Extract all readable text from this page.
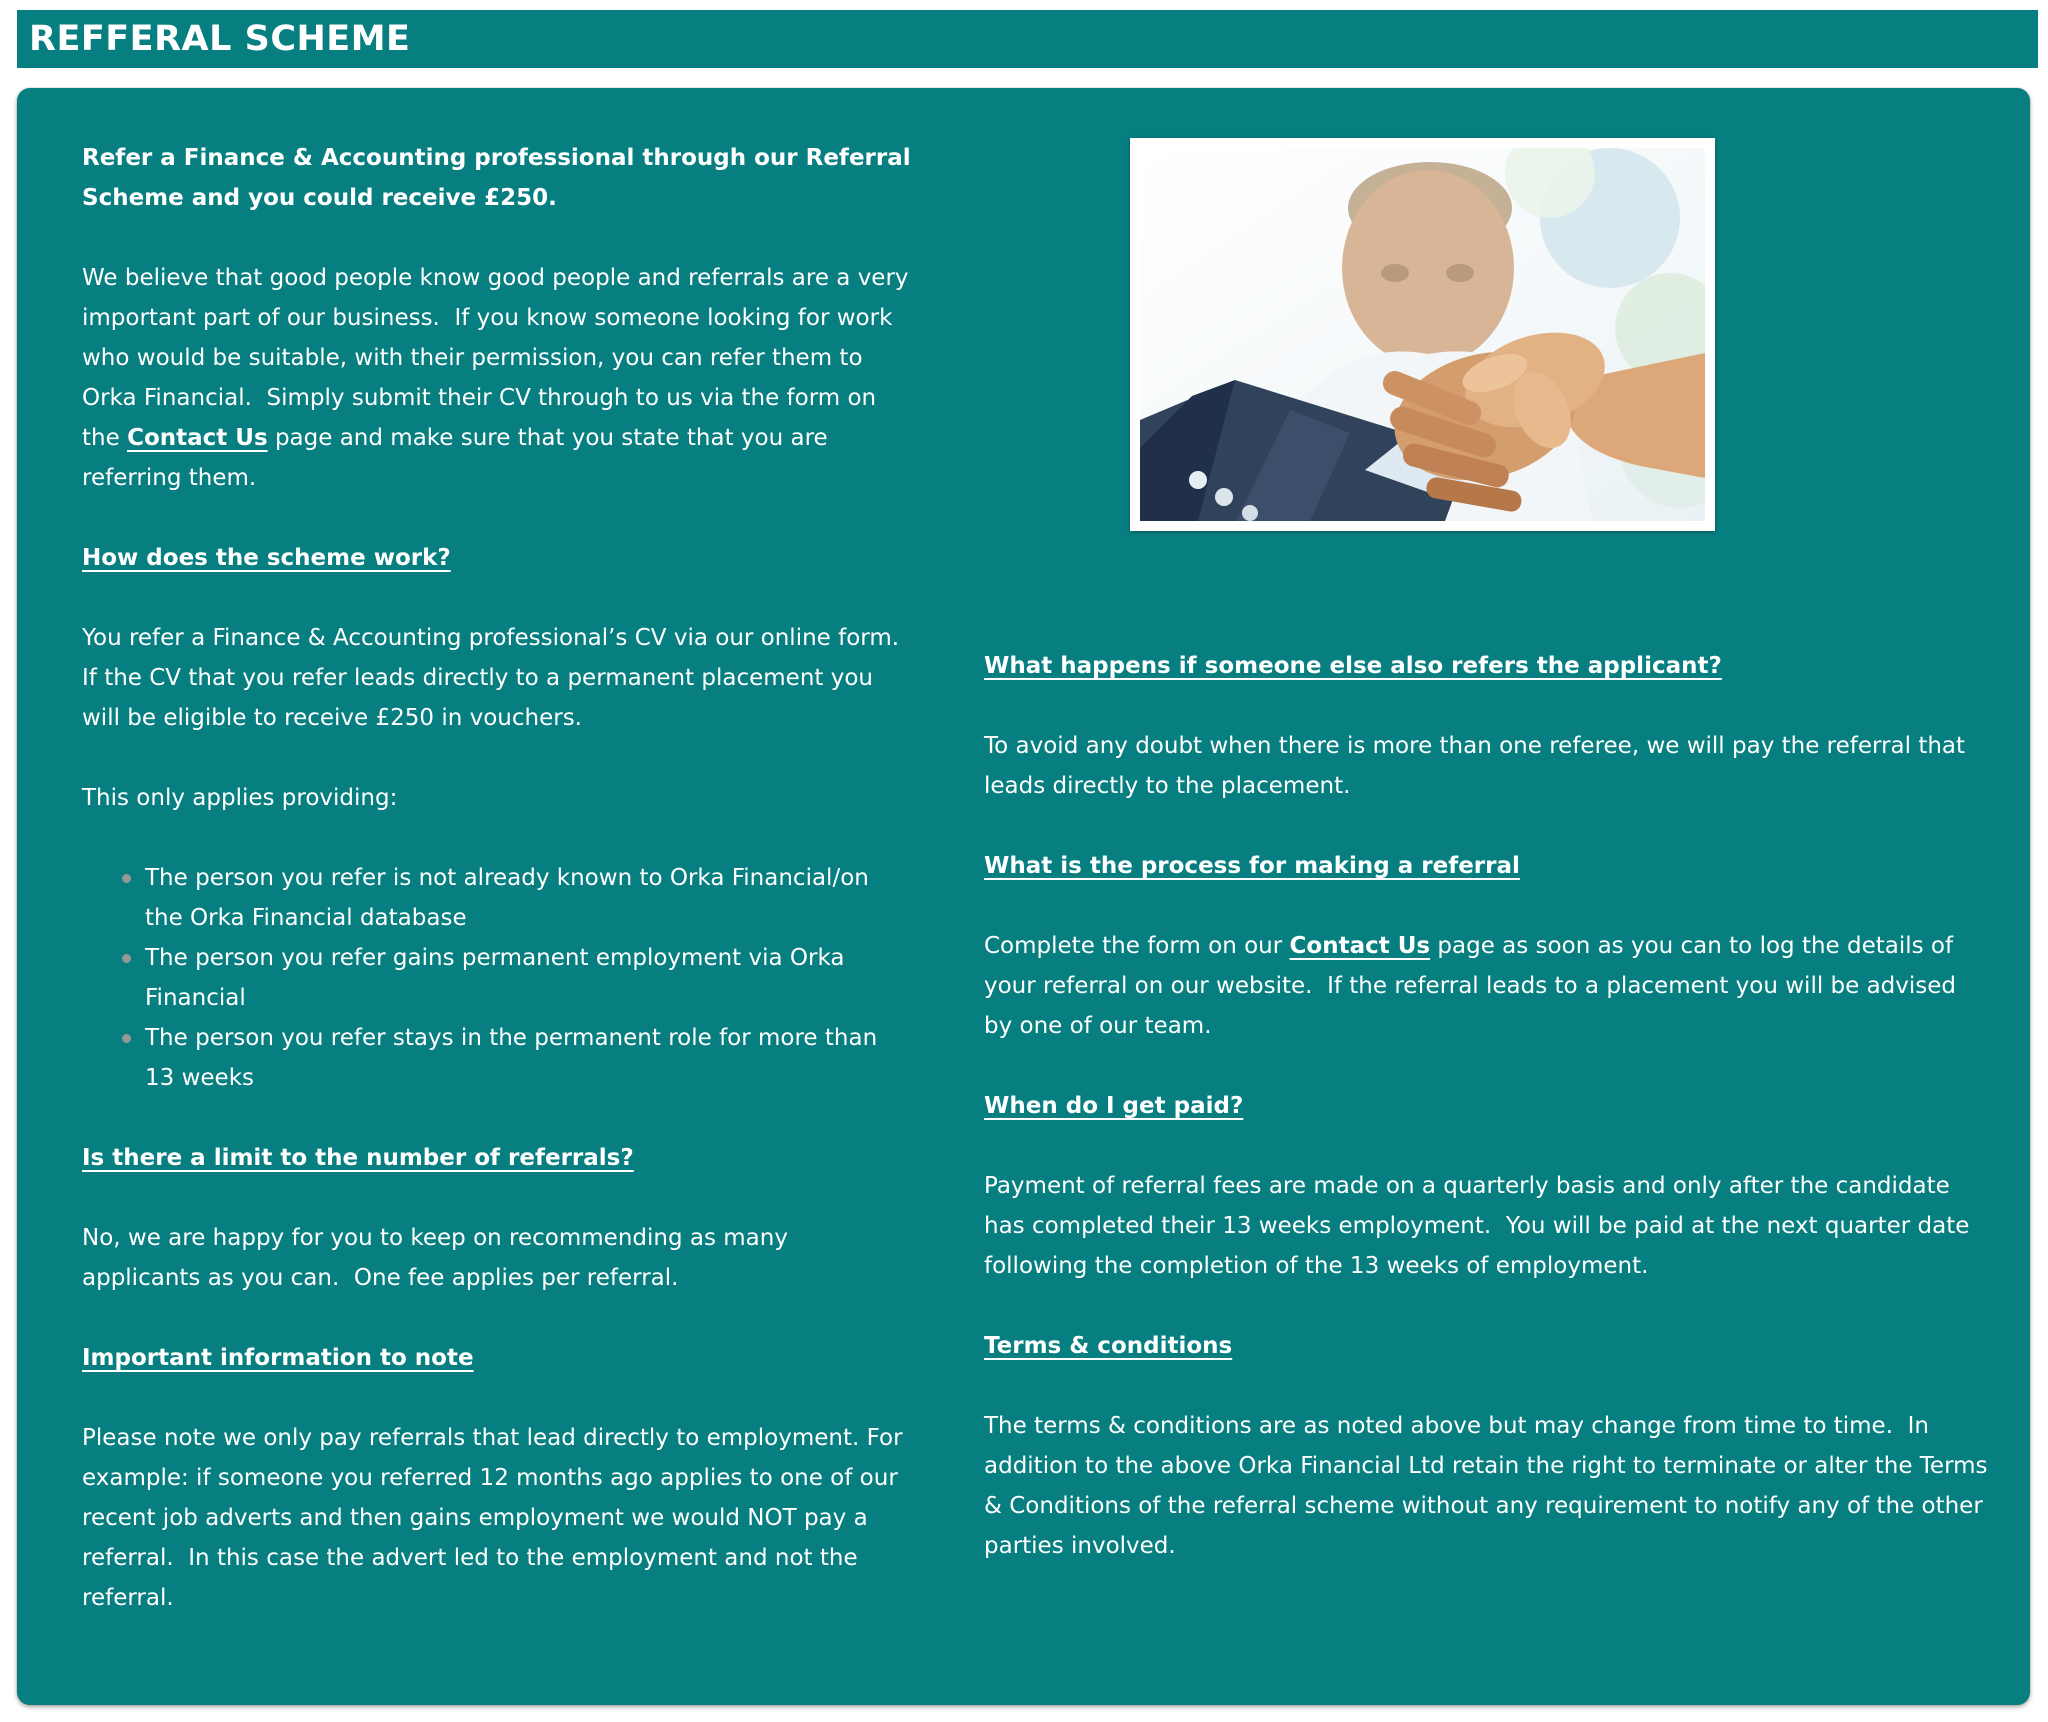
REFFERAL SCHEME

Refer a Finance & Accounting professional through our Referral Scheme and you could receive £250.

We believe that good people know good people and referrals are a very important part of our business.  If you know someone looking for work who would be suitable, with their permission, you can refer them to Orka Financial.  Simply submit their CV through to us via the form on the Contact Us page and make sure that you state that you are referring them.

How does the scheme work?

You refer a Finance & Accounting professional’s CV via our online form. If the CV that you refer leads directly to a permanent placement you will be eligible to receive £250 in vouchers.

This only applies providing:

The person you refer is not already known to Orka Financial/on the Orka Financial database
The person you refer gains permanent employment via Orka Financial
The person you refer stays in the permanent role for more than 13 weeks
Is there a limit to the number of referrals?

No, we are happy for you to keep on recommending as many applicants as you can.  One fee applies per referral.

Important information to note

Please note we only pay referrals that lead directly to employment. For example: if someone you referred 12 months ago applies to one of our recent job adverts and then gains employment we would NOT pay a referral.  In this case the advert led to the employment and not the referral.

What happens if someone else also refers the applicant?

To avoid any doubt when there is more than one referee, we will pay the referral that leads directly to the placement.

What is the process for making a referral

Complete the form on our Contact Us page as soon as you can to log the details of your referral on our website.  If the referral leads to a placement you will be advised by one of our team.

When do I get paid?

Payment of referral fees are made on a quarterly basis and only after the candidate has completed their 13 weeks employment.  You will be paid at the next quarter date following the completion of the 13 weeks of employment.

Terms & conditions

The terms & conditions are as noted above but may change from time to time.  In addition to the above Orka Financial Ltd retain the right to terminate or alter the Terms & Conditions of the referral scheme without any requirement to notify any of the other parties involved.
